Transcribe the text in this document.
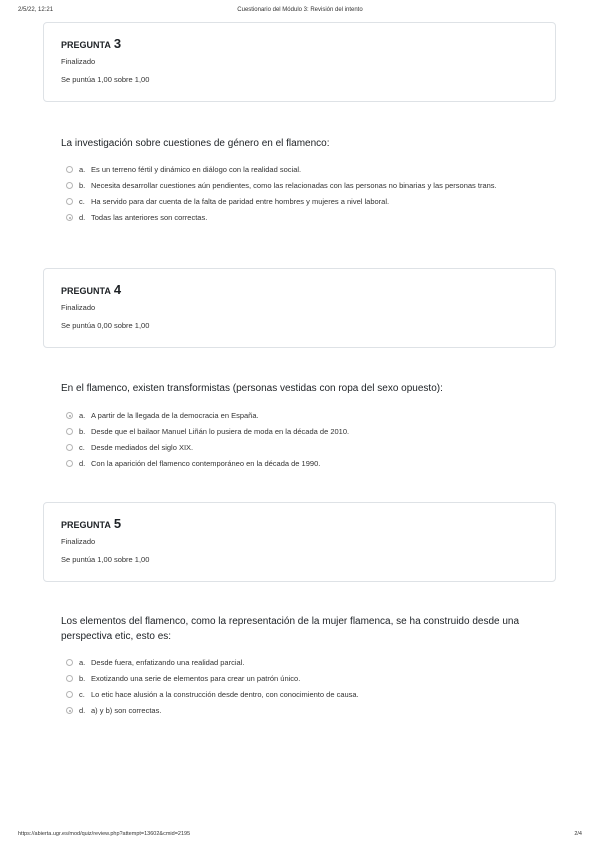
2/5/22, 12:21	Cuestionario del Módulo 3: Revisión del intento
PREGUNTA 3
Finalizado
Se puntúa 1,00 sobre 1,00
La investigación sobre cuestiones de género en el flamenco:
a. Es un terreno fértil y dinámico en diálogo con la realidad social.
b. Necesita desarrollar cuestiones aún pendientes, como las relacionadas con las personas no binarias y las personas trans.
c. Ha servido para dar cuenta de la falta de paridad entre hombres y mujeres a nivel laboral.
d. Todas las anteriores son correctas.
PREGUNTA 4
Finalizado
Se puntúa 0,00 sobre 1,00
En el flamenco, existen transformistas (personas vestidas con ropa del sexo opuesto):
a. A partir de la llegada de la democracia en España.
b. Desde que el bailaor Manuel Liñán lo pusiera de moda en la década de 2010.
c. Desde mediados del siglo XIX.
d. Con la aparición del flamenco contemporáneo en la década de 1990.
PREGUNTA 5
Finalizado
Se puntúa 1,00 sobre 1,00
Los elementos del flamenco, como la representación de la mujer flamenca, se ha construido desde una perspectiva etic, esto es:
a. Desde fuera, enfatizando una realidad parcial.
b. Exotizando una serie de elementos para crear un patrón único.
c. Lo etic hace alusión a la construcción desde dentro, con conocimiento de causa.
d. a) y b) son correctas.
https://abierta.ugr.es/mod/quiz/review.php?attempt=13602&cmid=2195	2/4
